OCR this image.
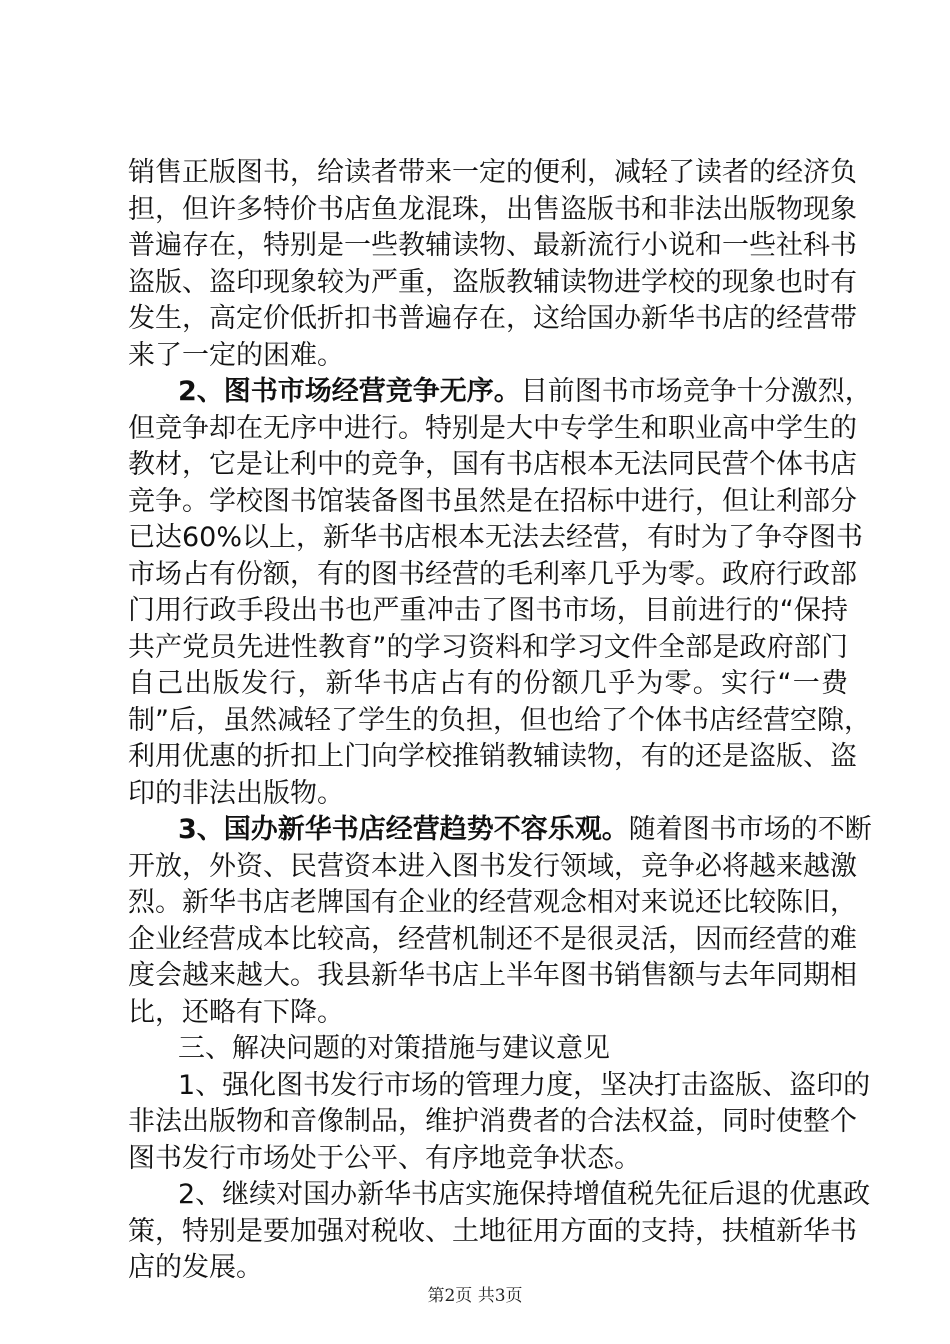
销售正版图书，给读者带来一定的便利，减轻了读者的经济负
担，但许多特价书店鱼龙混珠，出售盗版书和非法出版物现象
普遍存在，特别是一些教辅读物、最新流行小说和一些社科书
盗版、盗印现象较为严重，盗版教辅读物进学校的现象也时有
发生，高定价低折扣书普遍存在，这给国办新华书店的经营带
来了一定的困难。
2、图书市场经营竞争无序。目前图书市场竞争十分激烈，
但竞争却在无序中进行。特别是大中专学生和职业高中学生的
教材，它是让利中的竞争，国有书店根本无法同民营个体书店
竞争。学校图书馆装备图书虽然是在招标中进行，但让利部分
已达60%以上，新华书店根本无法去经营，有时为了争夺图书
市场占有份额，有的图书经营的毛利率几乎为零。政府行政部
门用行政手段出书也严重冲击了图书市场，目前进行的“保持
共产党员先进性教育”的学习资料和学习文件全部是政府部门
自己出版发行，新华书店占有的份额几乎为零。实行“一费
制”后，虽然减轻了学生的负担，但也给了个体书店经营空隙，
利用优惠的折扣上门向学校推销教辅读物，有的还是盗版、盗
印的非法出版物。
3、国办新华书店经营趋势不容乐观。随着图书市场的不断
开放，外资、民营资本进入图书发行领域，竞争必将越来越激
烈。新华书店老牌国有企业的经营观念相对来说还比较陈旧，
企业经营成本比较高，经营机制还不是很灵活，因而经营的难
度会越来越大。我县新华书店上半年图书销售额与去年同期相
比，还略有下降。
三、解决问题的对策措施与建议意见
1、强化图书发行市场的管理力度，坚决打击盗版、盗印的
非法出版物和音像制品，维护消费者的合法权益，同时使整个
图书发行市场处于公平、有序地竞争状态。
2、继续对国办新华书店实施保持增值税先征后退的优惠政
策，特别是要加强对税收、土地征用方面的支持，扶植新华书
店的发展。
第2页 共3页
